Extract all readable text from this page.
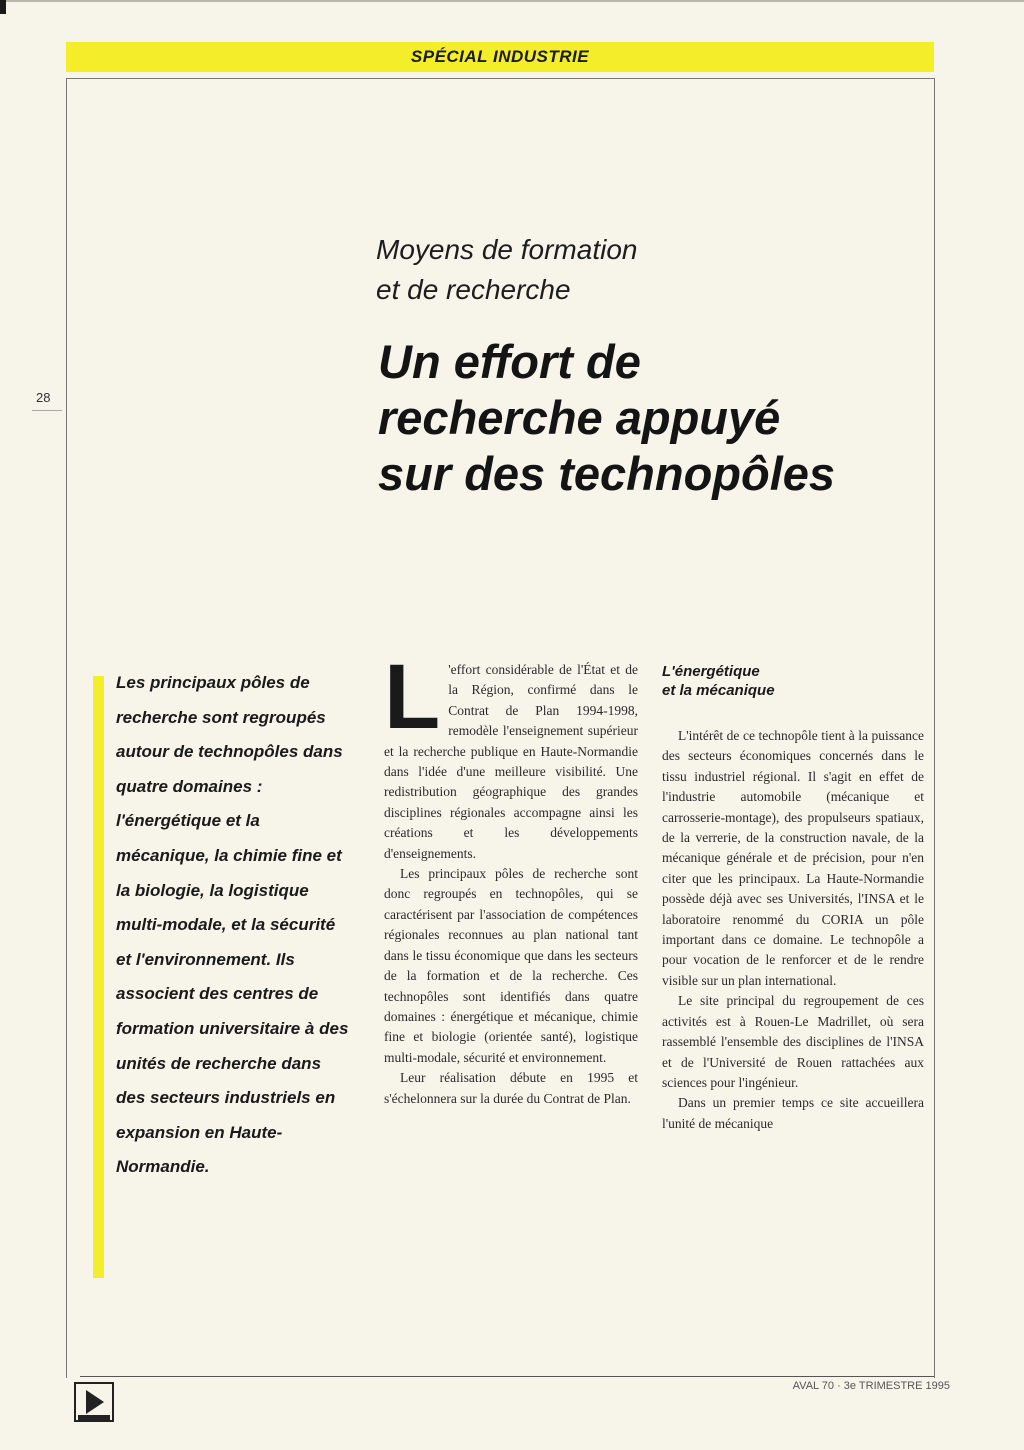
SPÉCIAL INDUSTRIE
28
Moyens de formation
et de recherche
Un effort de
recherche appuyé
sur des technopôles
Les principaux pôles de recherche sont regroupés autour de technopôles dans quatre domaines : l'énergétique et la mécanique, la chimie fine et la biologie, la logistique multi-modale, et la sécurité et l'environnement. Ils associent des centres de formation universitaire à des unités de recherche dans des secteurs industriels en expansion en Haute-Normandie.

L 'effort considérable de l'État et de la Région, confirmé dans le Contrat de Plan 1994-1998, remodèle l'enseignement supérieur et la recherche publique en Haute-Normandie dans l'idée d'une meilleure visibilité. Une redistribution géographique des grandes disciplines régionales accompagne ainsi les créations et les développements d'enseignements.

Les principaux pôles de recherche sont donc regroupés en technopôles, qui se caractérisent par l'association de compétences régionales reconnues au plan national tant dans le tissu économique que dans les secteurs de la formation et de la recherche. Ces technopôles sont identifiés dans quatre domaines : énergétique et mécanique, chimie fine et biologie (orientée santé), logistique multi-modale, sécurité et environnement.

Leur réalisation débute en 1995 et s'échelonnera sur la durée du Contrat de Plan.

L'énergétique
et la mécanique

L'intérêt de ce technopôle tient à la puissance des secteurs économiques concernés dans le tissu industriel régional. Il s'agit en effet de l'industrie automobile (mécanique et carrosserie-montage), des propulseurs spatiaux, de la verrerie, de la construction navale, de la mécanique générale et de précision, pour n'en citer que les principaux. La Haute-Normandie possède déjà avec ses Universités, l'INSA et le laboratoire renommé du CORIA un pôle important dans ce domaine. Le technopôle a pour vocation de le renforcer et de le rendre visible sur un plan international.

Le site principal du regroupement de ces activités est à Rouen-Le Madrillet, où sera rassemblé l'ensemble des disciplines de l'INSA et de l'Université de Rouen rattachées aux sciences pour l'ingénieur.

Dans un premier temps ce site accueillera l'unité de mécanique

AVAL 70 · 3e TRIMESTRE 1995
